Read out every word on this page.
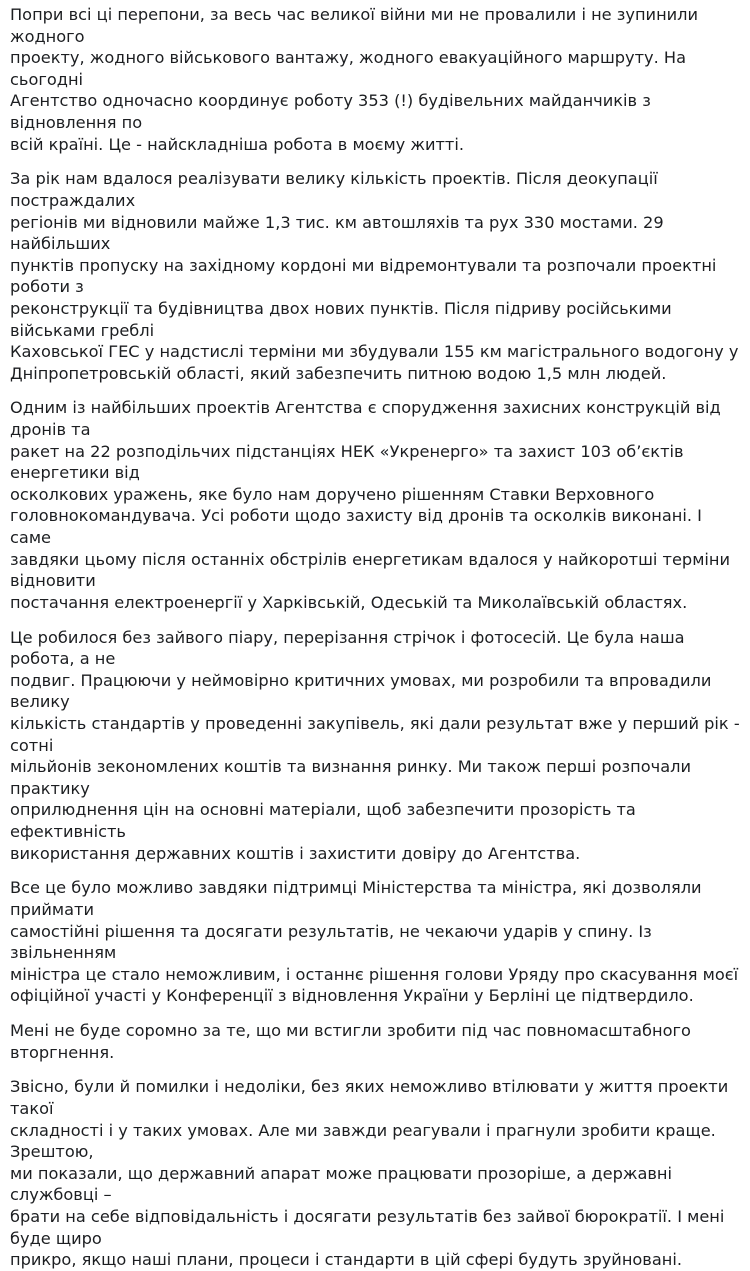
Попри всі ці перепони, за весь час великої війни ми не провалили і не зупинили жодного
проекту, жодного військового вантажу, жодного евакуаційного маршруту. На сьогодні
Агентство одночасно координує роботу 353 (!) будівельних майданчиків з відновлення по
всій країні. Це - найскладніша робота в моєму житті.

За рік нам вдалося реалізувати велику кількість проектів. Після деокупації постраждалих
регіонів ми відновили майже 1,3 тис. км автошляхів та рух 330 мостами. 29 найбільших
пунктів пропуску на західному кордоні ми відремонтували та розпочали проектні роботи з
реконструкції та будівництва двох нових пунктів. Після підриву російськими військами греблі
Каховської ГЕС у надстислі терміни ми збудували 155 км магістрального водогону у
Дніпропетровській області, який забезпечить питною водою 1,5 млн людей.

Одним із найбільших проектів Агентства є спорудження захисних конструкцій від дронів та
ракет на 22 розподільчих підстанціях НЕК «Укренерго» та захист 103 об’єктів енергетики від
осколкових уражень, яке було нам доручено рішенням Ставки Верховного
головнокомандувача. Усі роботи щодо захисту від дронів та осколків виконані. І саме
завдяки цьому після останніх обстрілів енергетикам вдалося у найкоротші терміни відновити
постачання електроенергії у Харківській, Одеській та Миколаївській областях.

Це робилося без зайвого піару, перерізання стрічок і фотосесій. Це була наша робота, а не
подвиг. Працюючи у неймовірно критичних умовах, ми розробили та впровадили велику
кількість стандартів у проведенні закупівель, які дали результат вже у перший рік - сотні
мільйонів зекономлених коштів та визнання ринку. Ми також перші розпочали практику
оприлюднення цін на основні матеріали, щоб забезпечити прозорість та ефективність
використання державних коштів і захистити довіру до Агентства.

Все це було можливо завдяки підтримці Міністерства та міністра, які дозволяли приймати
самостійні рішення та досягати результатів, не чекаючи ударів у спину. Із звільненням
міністра це стало неможливим, і останнє рішення голови Уряду про скасування моєї
офіційної участі у Конференції з відновлення України у Берліні це підтвердило.

Мені не буде соромно за те, що ми встигли зробити під час повномасштабного вторгнення.

Звісно, були й помилки і недоліки, без яких неможливо втілювати у життя проекти такої
складності і у таких умовах. Але ми завжди реагували і прагнули зробити краще. Зрештою,
ми показали, що державний апарат може працювати прозоріше, а державні службовці –
брати на себе відповідальність і досягати результатів без зайвої бюрократії. І мені буде щиро
прикро, якщо наші плани, процеси і стандарти в цій сфері будуть зруйновані.
